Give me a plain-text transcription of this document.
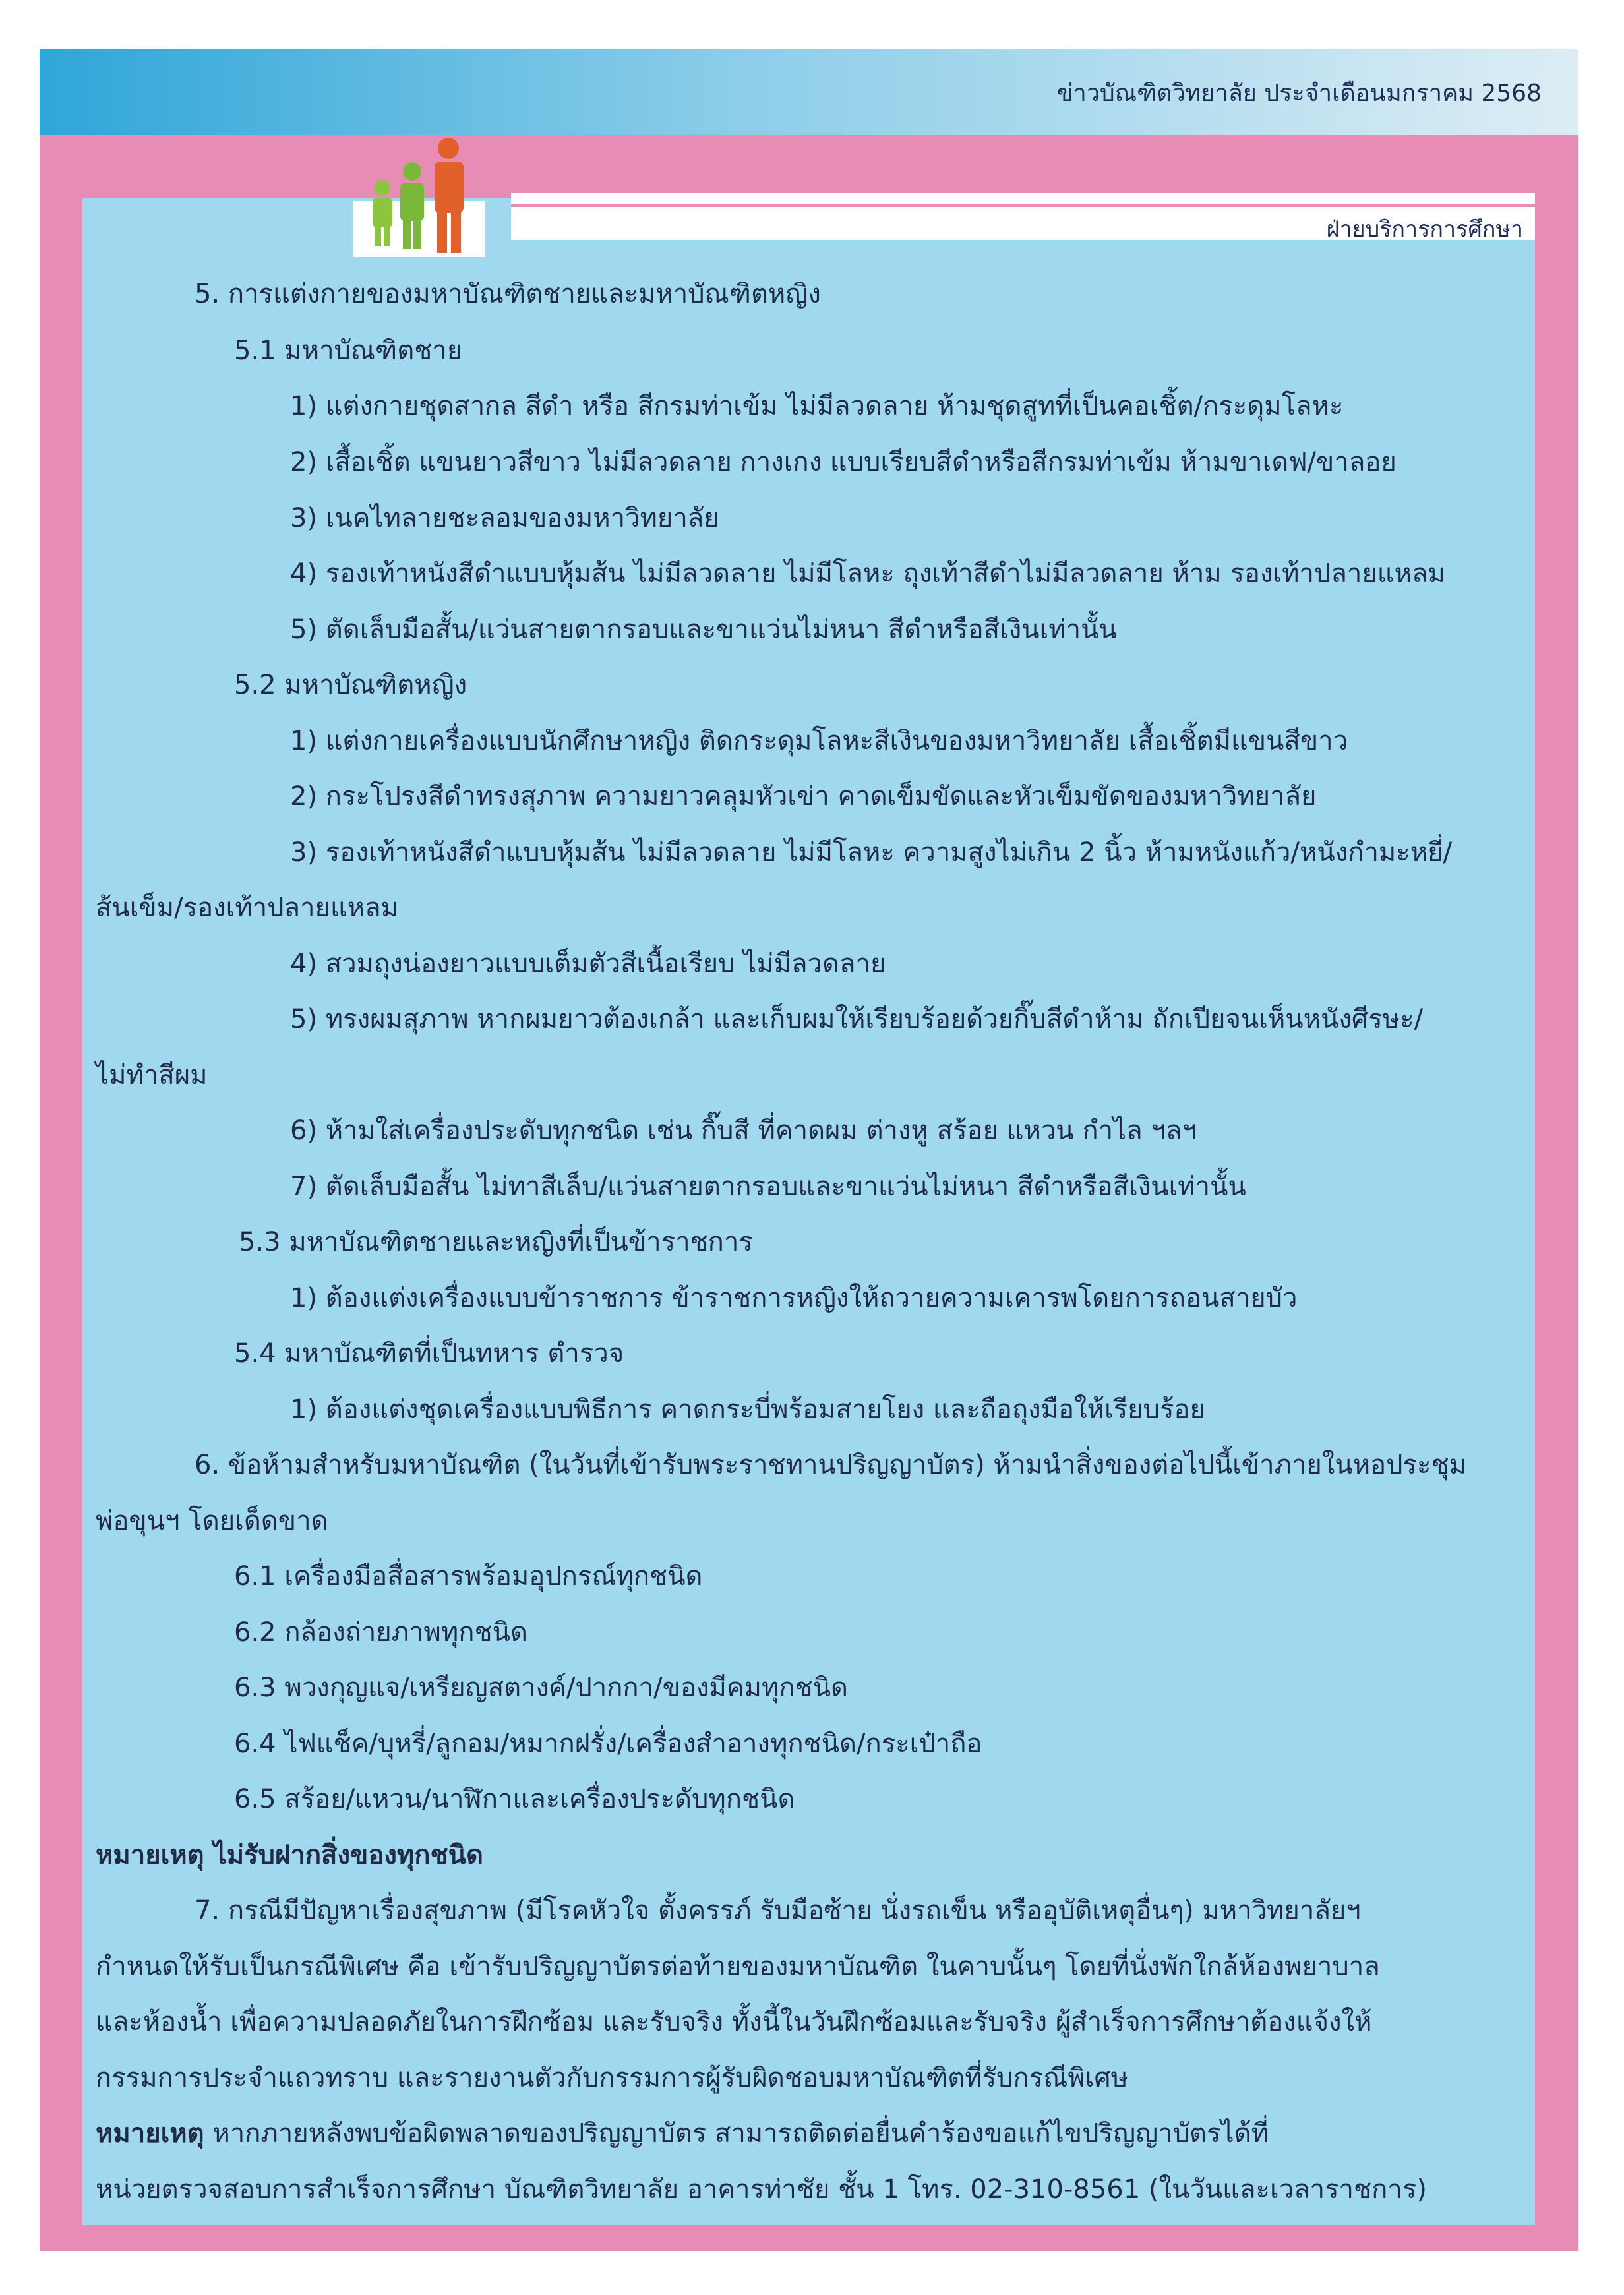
ข่าวบัณฑิตวิทยาลัย ประจำเดือนมกราคม 2568
ฝ่ายบริการการศึกษา
5. การแต่งกายของมหาบัณฑิตชายและมหาบัณฑิตหญิง
5.1 มหาบัณฑิตชาย
1) แต่งกายชุดสากล สีดำ หรือ สีกรมท่าเข้ม ไม่มีลวดลาย ห้ามชุดสูทที่เป็นคอเชิ้ต/กระดุมโลหะ
2) เสื้อเชิ้ต แขนยาวสีขาว ไม่มีลวดลาย กางเกง แบบเรียบสีดำหรือสีกรมท่าเข้ม ห้ามขาเดฟ/ขาลอย
3) เนคไทลายชะลอมของมหาวิทยาลัย
4) รองเท้าหนังสีดำแบบหุ้มส้น ไม่มีลวดลาย ไม่มีโลหะ ถุงเท้าสีดำไม่มีลวดลาย ห้าม รองเท้าปลายแหลม
5) ตัดเล็บมือสั้น/แว่นสายตากรอบและขาแว่นไม่หนา สีดำหรือสีเงินเท่านั้น
5.2 มหาบัณฑิตหญิง
1) แต่งกายเครื่องแบบนักศึกษาหญิง ติดกระดุมโลหะสีเงินของมหาวิทยาลัย เสื้อเชิ้ตมีแขนสีขาว
2) กระโปรงสีดำทรงสุภาพ ความยาวคลุมหัวเข่า คาดเข็มขัดและหัวเข็มขัดของมหาวิทยาลัย
3) รองเท้าหนังสีดำแบบหุ้มส้น ไม่มีลวดลาย ไม่มีโลหะ ความสูงไม่เกิน 2 นิ้ว ห้ามหนังแก้ว/หนังกำมะหยี่/
ส้นเข็ม/รองเท้าปลายแหลม
4) สวมถุงน่องยาวแบบเต็มตัวสีเนื้อเรียบ ไม่มีลวดลาย
5) ทรงผมสุภาพ หากผมยาวต้องเกล้า และเก็บผมให้เรียบร้อยด้วยกิ๊บสีดำห้าม ถักเปียจนเห็นหนังศีรษะ/
ไม่ทำสีผม
6) ห้ามใส่เครื่องประดับทุกชนิด เช่น กิ๊บสี ที่คาดผม ต่างหู สร้อย แหวน กำไล ฯลฯ
7) ตัดเล็บมือสั้น ไม่ทาสีเล็บ/แว่นสายตากรอบและขาแว่นไม่หนา สีดำหรือสีเงินเท่านั้น
5.3 มหาบัณฑิตชายและหญิงที่เป็นข้าราชการ
1) ต้องแต่งเครื่องแบบข้าราชการ ข้าราชการหญิงให้ถวายความเคารพโดยการถอนสายบัว
5.4 มหาบัณฑิตที่เป็นทหาร ตำรวจ
1) ต้องแต่งชุดเครื่องแบบพิธีการ คาดกระบี่พร้อมสายโยง และถือถุงมือให้เรียบร้อย
6. ข้อห้ามสำหรับมหาบัณฑิต (ในวันที่เข้ารับพระราชทานปริญญาบัตร) ห้ามนำสิ่งของต่อไปนี้เข้าภายในหอประชุม
พ่อขุนฯ โดยเด็ดขาด
6.1 เครื่องมือสื่อสารพร้อมอุปกรณ์ทุกชนิด
6.2 กล้องถ่ายภาพทุกชนิด
6.3 พวงกุญแจ/เหรียญสตางค์/ปากกา/ของมีคมทุกชนิด
6.4 ไฟแช็ค/บุหรี่/ลูกอม/หมากฝรั่ง/เครื่องสำอางทุกชนิด/กระเป๋าถือ
6.5 สร้อย/แหวน/นาฬิกาและเครื่องประดับทุกชนิด
หมายเหตุ ไม่รับฝากสิ่งของทุกชนิด
7. กรณีมีปัญหาเรื่องสุขภาพ (มีโรคหัวใจ ตั้งครรภ์ รับมือซ้าย นั่งรถเข็น หรืออุบัติเหตุอื่นๆ) มหาวิทยาลัยฯ
กำหนดให้รับเป็นกรณีพิเศษ คือ เข้ารับปริญญาบัตรต่อท้ายของมหาบัณฑิต ในคาบนั้นๆ โดยที่นั่งพักใกล้ห้องพยาบาล
และห้องน้ำ เพื่อความปลอดภัยในการฝึกซ้อม และรับจริง ทั้งนี้ในวันฝึกซ้อมและรับจริง ผู้สำเร็จการศึกษาต้องแจ้งให้
กรรมการประจำแถวทราบ และรายงานตัวกับกรรมการผู้รับผิดชอบมหาบัณฑิตที่รับกรณีพิเศษ
หมายเหตุ หากภายหลังพบข้อผิดพลาดของปริญญาบัตร สามารถติดต่อยื่นคำร้องขอแก้ไขปริญญาบัตรได้ที่
หน่วยตรวจสอบการสำเร็จการศึกษา บัณฑิตวิทยาลัย อาคารท่าชัย ชั้น 1 โทร. 02-310-8561 (ในวันและเวลาราชการ)
